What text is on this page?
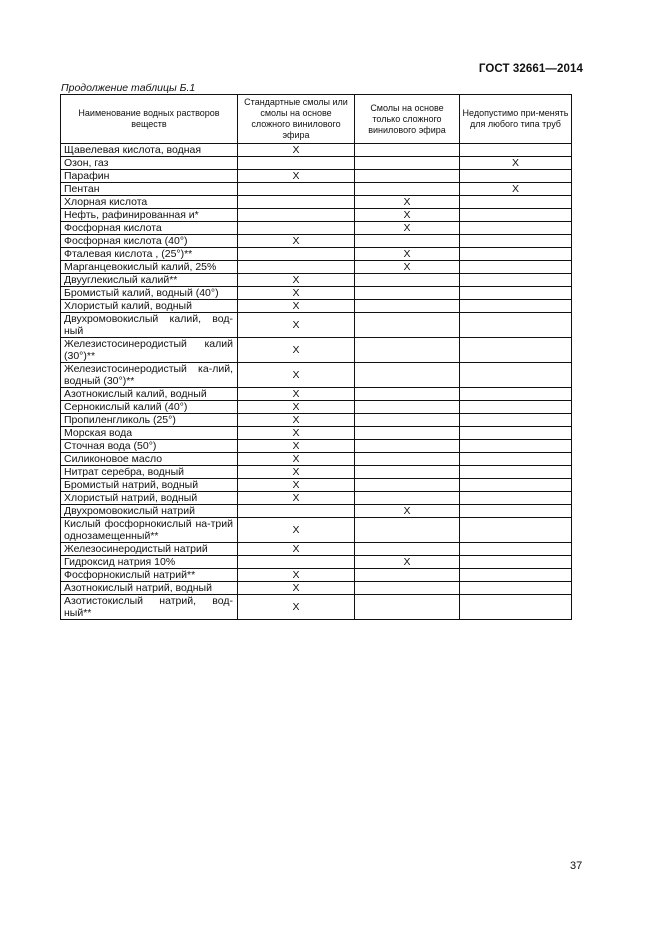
ГОСТ 32661—2014
Продолжение таблицы Б.1
Наименование водных растворов веществ	Стандартные смолы или смолы на основе сложного винилового эфира	Смолы на основе только сложного винилового эфира	Недопустимо при-менять для любого типа труб
Щавелевая кислота, водная	X		
Озон, газ			X
Парафин	X		
Пентан			X
Хлорная кислота		X	
Нефть, рафинированная и*		X	
Фосфорная кислота		X	
Фосфорная кислота (40°)	X		
Фталевая кислота , (25°)**		X	
Марганцевокислый калий, 25%		X	
Двууглекислый калий**	X		
Бромистый калий, водный (40°)	X		
Хлористый калий, водный	X		
Двухромовокислый калий, вод-ный	X		
Железистосинеродистый калий (30°)**	X		
Железистосинеродистый ка-лий, водный (30°)**	X		
Азотнокислый калий, водный	X		
Сернокислый калий (40°)	X		
Пропиленгликоль (25°)	X		
Морская вода	X		
Сточная вода (50°)	X		
Силиконовое масло	X		
Нитрат серебра, водный	X		
Бромистый натрий, водный	X		
Хлористый натрий, водный	X		
Двухромовокислый натрий		X	
Кислый фосфорнокислый на-трий однозамещенный**	X		
Железосинеродистый натрий	X		
Гидроксид натрия 10%		X	
Фосфорнокислый натрий**	X		
Азотнокислый натрий, водный	X		
Азотистокислый натрий, вод-ный**	X		
37
